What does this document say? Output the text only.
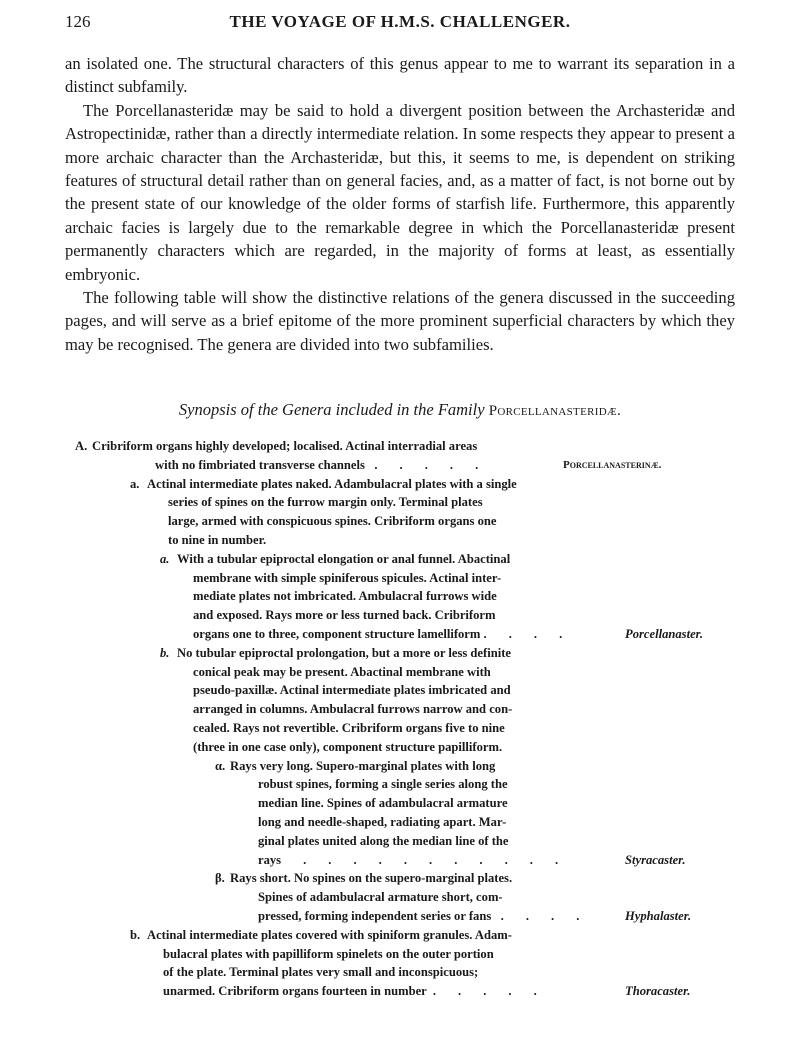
126	THE VOYAGE OF H.M.S. CHALLENGER.

an isolated one. The structural characters of this genus appear to me to warrant its separation in a distinct subfamily.

The Porcellanasteridæ may be said to hold a divergent position between the Archasteridæ and Astropectinidæ, rather than a directly intermediate relation. In some respects they appear to present a more archaic character than the Archasteridæ, but this, it seems to me, is dependent on striking features of structural detail rather than on general facies, and, as a matter of fact, is not borne out by the present state of our knowledge of the older forms of starfish life. Furthermore, this apparently archaic facies is largely due to the remarkable degree in which the Porcellanasteridæ present permanently characters which are regarded, in the majority of forms at least, as essentially embryonic.

The following table will show the distinctive relations of the genera discussed in the succeeding pages, and will serve as a brief epitome of the more prominent superficial characters by which they may be recognised. The genera are divided into two subfamilies.

Synopsis of the Genera included in the Family Porcellanasteridæ.
A. Cribriform organs highly developed; localised. Actinal interradial areas
with no fimbriated transverse channels   .       .       .       .       .	Porcellanasterinæ.
a. Actinal intermediate plates naked. Adambulacral plates with a single
series of spines on the furrow margin only. Terminal plates
large, armed with conspicuous spines. Cribriform organs one
to nine in number.
a. With a tubular epiproctal elongation or anal funnel. Abactinal
membrane with simple spiniferous spicules. Actinal inter-
mediate plates not imbricated. Ambulacral furrows wide
and exposed. Rays more or less turned back. Cribriform
organs one to three, component structure lamelliform .       .       .       .	Porcellanaster.
b. No tubular epiproctal prolongation, but a more or less definite
conical peak may be present. Abactinal membrane with
pseudo-paxillæ. Actinal intermediate plates imbricated and
arranged in columns. Ambulacral furrows narrow and con-
cealed. Rays not revertible. Cribriform organs five to nine
(three in one case only), component structure papilliform.
α. Rays very long. Supero-marginal plates with long
robust spines, forming a single series along the
median line. Spines of adambulacral armature
long and needle-shaped, radiating apart. Mar-
ginal plates united along the median line of the
rays       .       .       .       .       .       .       .       .       .       .       .	Styracaster.
β. Rays short. No spines on the supero-marginal plates.
Spines of adambulacral armature short, com-
pressed, forming independent series or fans   .       .       .       .	Hyphalaster.
b. Actinal intermediate plates covered with spiniform granules. Adam-
bulacral plates with papilliform spinelets on the outer portion
of the plate. Terminal plates very small and inconspicuous;
unarmed. Cribriform organs fourteen in number  .       .       .       .       .	Thoracaster.
